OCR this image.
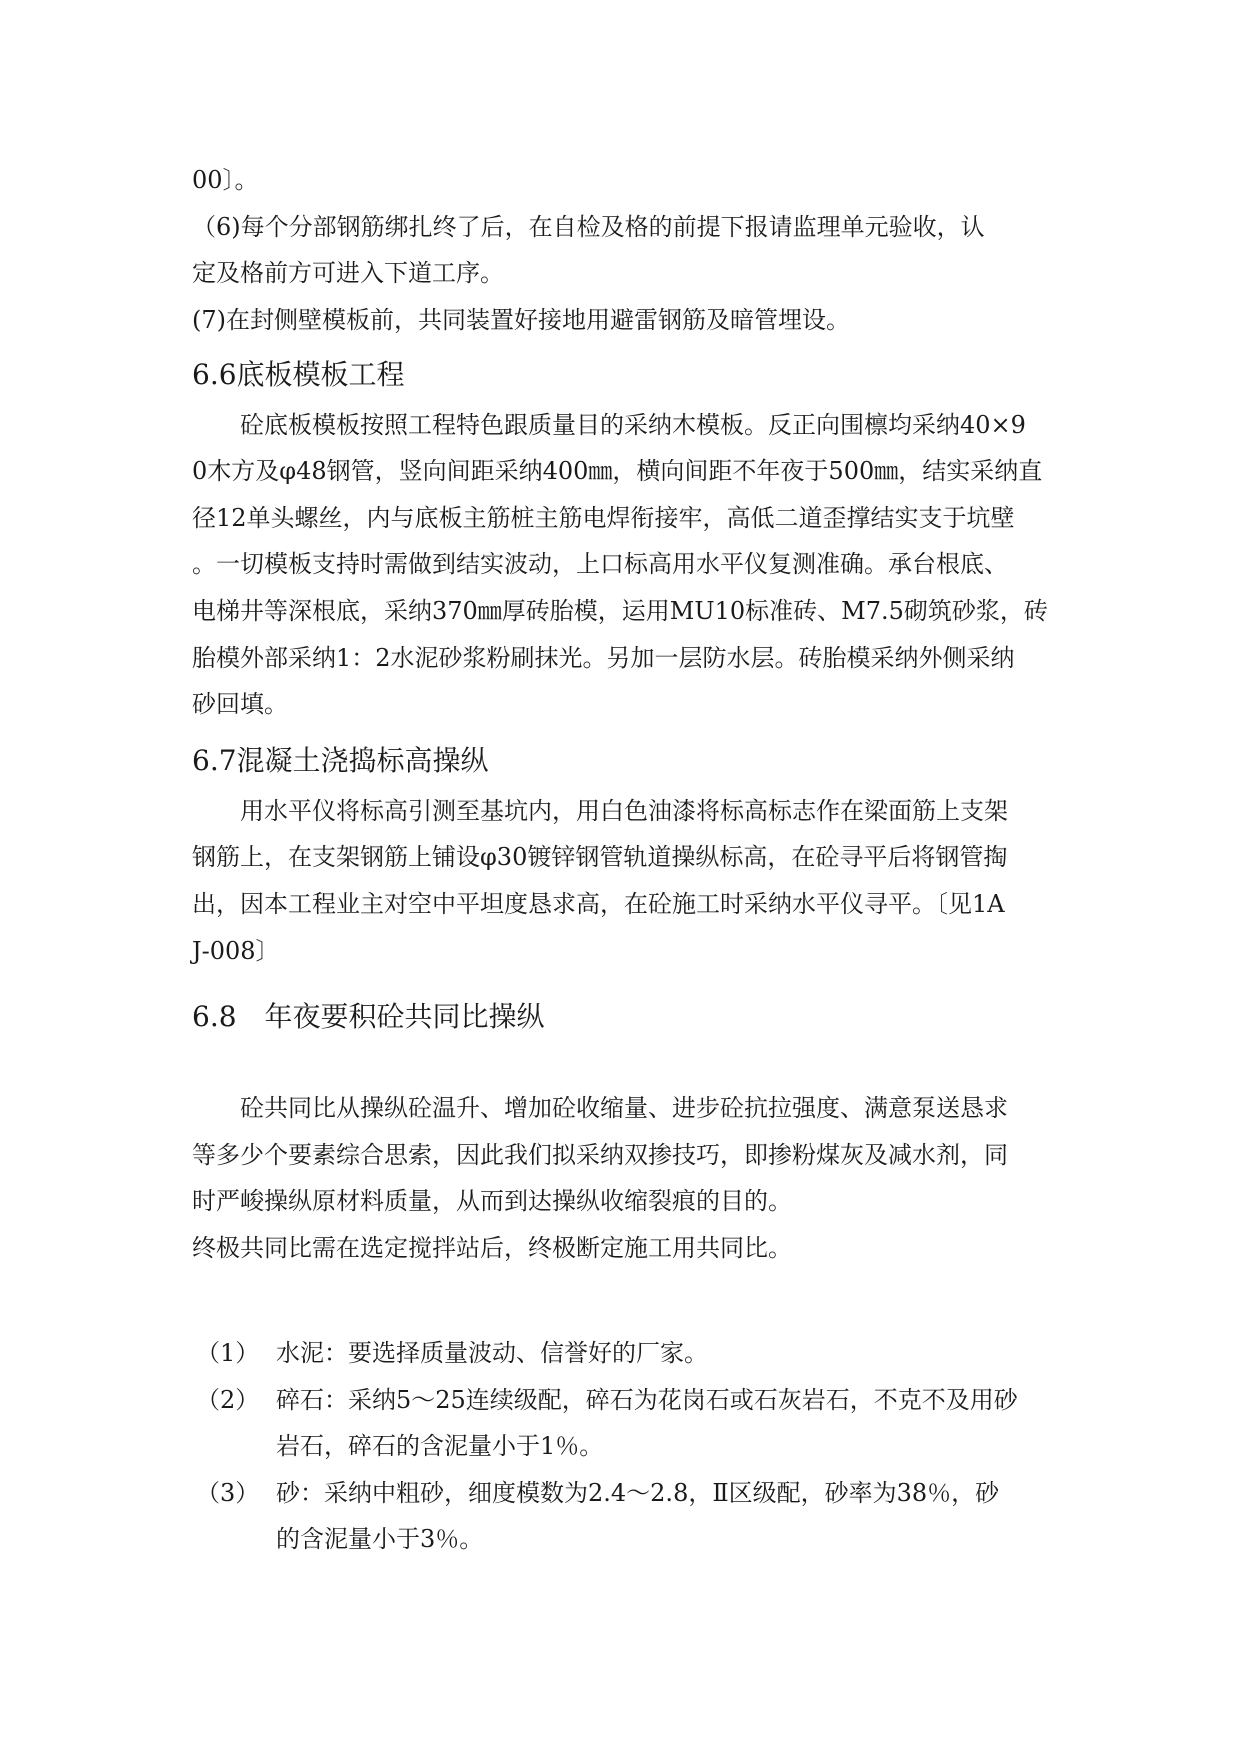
00〕。
（6)每个分部钢筋绑扎终了后，在自检及格的前提下报请监理单元验收，认
定及格前方可进入下道工序。
(7)在封侧壁模板前，共同装置好接地用避雷钢筋及暗管埋设。
6.6底板模板工程
砼底板模板按照工程特色跟质量目的采纳木模板。反正向围檩均采纳40×9
0木方及φ48钢管，竖向间距采纳400㎜，横向间距不年夜于500㎜，结实采纳直
径12单头螺丝，内与底板主筋桩主筋电焊衔接牢，高低二道歪撑结实支于坑壁
。一切模板支持时需做到结实波动，上口标高用水平仪复测准确。承台根底、
电梯井等深根底，采纳370㎜厚砖胎模，运用MU10标准砖、M7.5砌筑砂浆，砖
胎模外部采纳1：2水泥砂浆粉刷抹光。另加一层防水层。砖胎模采纳外侧采纳
砂回填。
6.7混凝土浇捣标高操纵
用水平仪将标高引测至基坑内，用白色油漆将标高标志作在梁面筋上支架
钢筋上，在支架钢筋上铺设φ30镀锌钢管轨道操纵标高，在砼寻平后将钢管掏
出，因本工程业主对空中平坦度恳求高，在砼施工时采纳水平仪寻平。〔见1A
J-008〕
6.8　年夜要积砼共同比操纵
砼共同比从操纵砼温升、增加砼收缩量、进步砼抗拉强度、满意泵送恳求
等多少个要素综合思索，因此我们拟采纳双掺技巧，即掺粉煤灰及减水剂，同
时严峻操纵原材料质量，从而到达操纵收缩裂痕的目的。
终极共同比需在选定搅拌站后，终极断定施工用共同比。
（1） 水泥：要选择质量波动、信誉好的厂家。
（2） 碎石：采纳5～25连续级配，碎石为花岗石或石灰岩石，不克不及用砂
岩石，碎石的含泥量小于1％。
（3） 砂：采纳中粗砂，细度模数为2.4～2.8，Ⅱ区级配，砂率为38％，砂
的含泥量小于3％。
